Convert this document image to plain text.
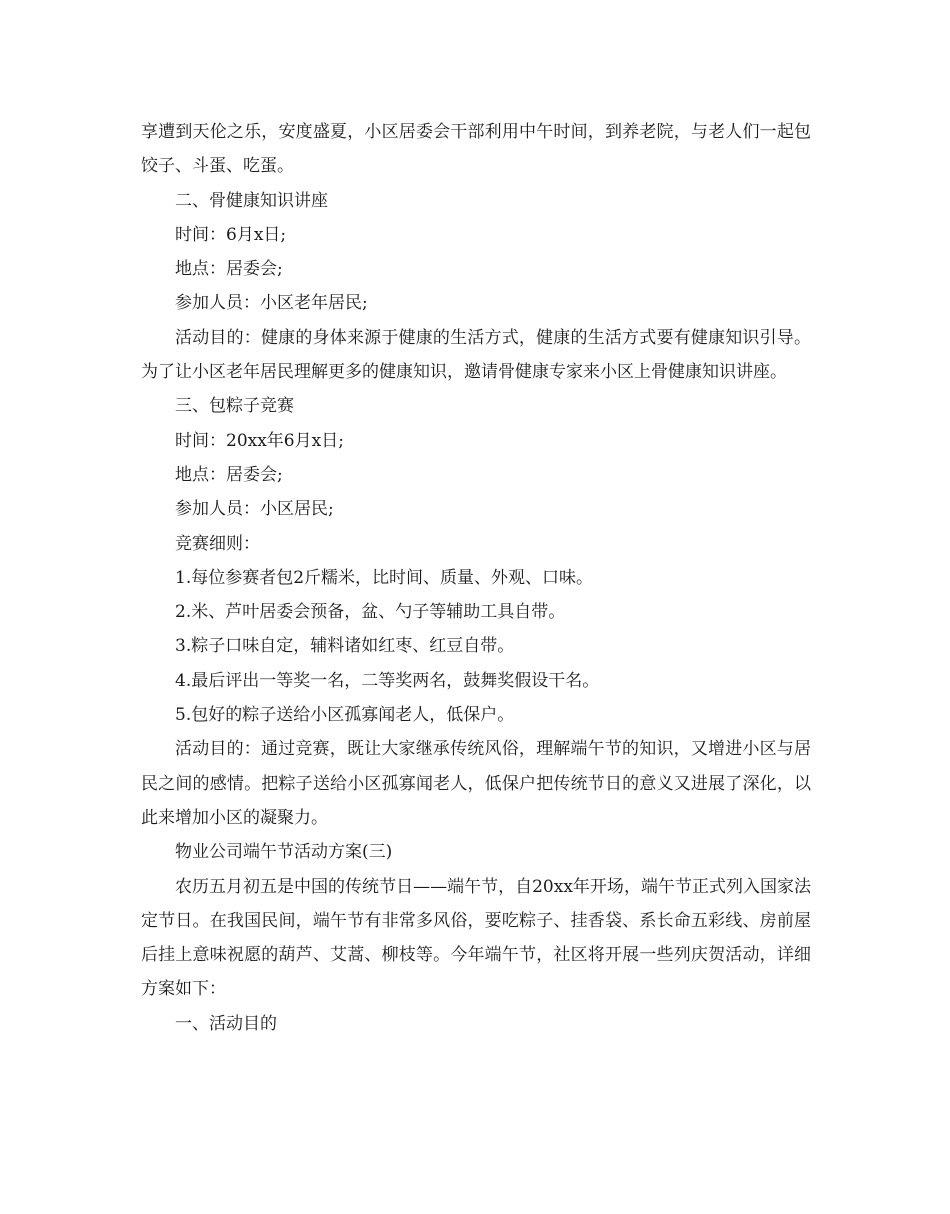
享遭到天伦之乐，安度盛夏，小区居委会干部利用中午时间，到养老院，与老人们一起包饺子、斗蛋、吃蛋。

二、骨健康知识讲座

时间：6月x日;

地点：居委会;

参加人员：小区老年居民;

活动目的：健康的身体来源于健康的生活方式，健康的生活方式要有健康知识引导。为了让小区老年居民理解更多的健康知识，邀请骨健康专家来小区上骨健康知识讲座。

三、包粽子竞赛

时间：20xx年6月x日;

地点：居委会;

参加人员：小区居民;

竞赛细则：

1.每位参赛者包2斤糯米，比时间、质量、外观、口味。

2.米、芦叶居委会预备，盆、勺子等辅助工具自带。

3.粽子口味自定，辅料诸如红枣、红豆自带。

4.最后评出一等奖一名，二等奖两名，鼓舞奖假设干名。

5.包好的粽子送给小区孤寡闻老人，低保户。

活动目的：通过竞赛，既让大家继承传统风俗，理解端午节的知识，又增进小区与居民之间的感情。把粽子送给小区孤寡闻老人，低保户把传统节日的意义又进展了深化，以此来增加小区的凝聚力。

物业公司端午节活动方案(三)

农历五月初五是中国的传统节日——端午节，自20xx年开场，端午节正式列入国家法定节日。在我国民间，端午节有非常多风俗，要吃粽子、挂香袋、系长命五彩线、房前屋后挂上意味祝愿的葫芦、艾蒿、柳枝等。今年端午节，社区将开展一些列庆贺活动，详细方案如下：

一、活动目的
